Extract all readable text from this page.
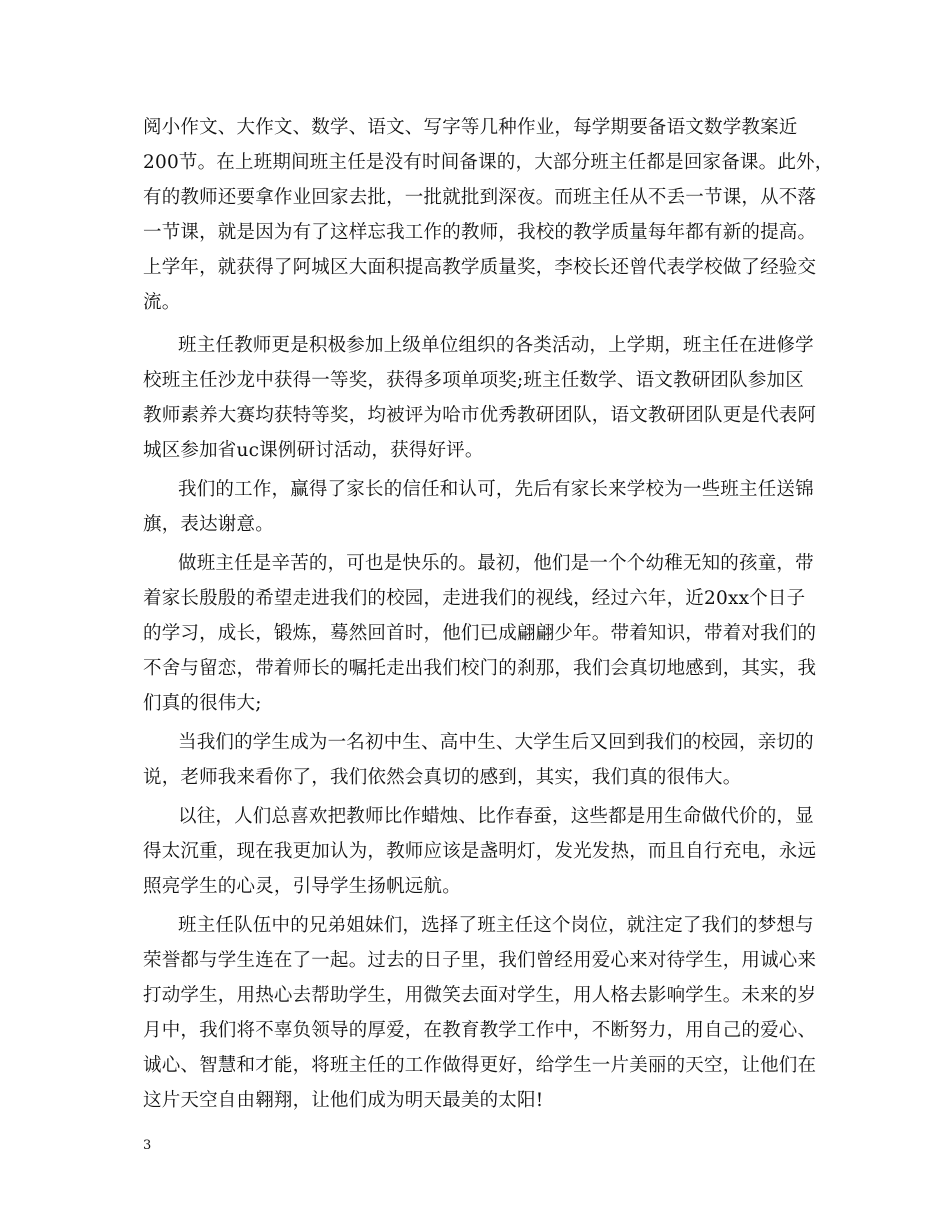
阅小作文、大作文、数学、语文、写字等几种作业，每学期要备语文数学教案近
200节。在上班期间班主任是没有时间备课的，大部分班主任都是回家备课。此外，
有的教师还要拿作业回家去批，一批就批到深夜。而班主任从不丢一节课，从不落
一节课，就是因为有了这样忘我工作的教师，我校的教学质量每年都有新的提高。
上学年，就获得了阿城区大面积提高教学质量奖，李校长还曾代表学校做了经验交
流。
班主任教师更是积极参加上级单位组织的各类活动，上学期，班主任在进修学
校班主任沙龙中获得一等奖，获得多项单项奖;班主任数学、语文教研团队参加区
教师素养大赛均获特等奖，均被评为哈市优秀教研团队，语文教研团队更是代表阿
城区参加省uc课例研讨活动，获得好评。
我们的工作，赢得了家长的信任和认可，先后有家长来学校为一些班主任送锦
旗，表达谢意。
做班主任是辛苦的，可也是快乐的。最初，他们是一个个幼稚无知的孩童，带
着家长殷殷的希望走进我们的校园，走进我们的视线，经过六年，近20xx个日子
的学习，成长，锻炼，蓦然回首时，他们已成翩翩少年。带着知识，带着对我们的
不舍与留恋，带着师长的嘱托走出我们校门的刹那，我们会真切地感到，其实，我
们真的很伟大;
当我们的学生成为一名初中生、高中生、大学生后又回到我们的校园，亲切的
说，老师我来看你了，我们依然会真切的感到，其实，我们真的很伟大。
以往，人们总喜欢把教师比作蜡烛、比作春蚕，这些都是用生命做代价的，显
得太沉重，现在我更加认为，教师应该是盏明灯，发光发热，而且自行充电，永远
照亮学生的心灵，引导学生扬帆远航。
班主任队伍中的兄弟姐妹们，选择了班主任这个岗位，就注定了我们的梦想与
荣誉都与学生连在了一起。过去的日子里，我们曾经用爱心来对待学生，用诚心来
打动学生，用热心去帮助学生，用微笑去面对学生，用人格去影响学生。未来的岁
月中，我们将不辜负领导的厚爱，在教育教学工作中，不断努力，用自己的爱心、
诚心、智慧和才能，将班主任的工作做得更好，给学生一片美丽的天空，让他们在
这片天空自由翱翔，让他们成为明天最美的太阳!
3
